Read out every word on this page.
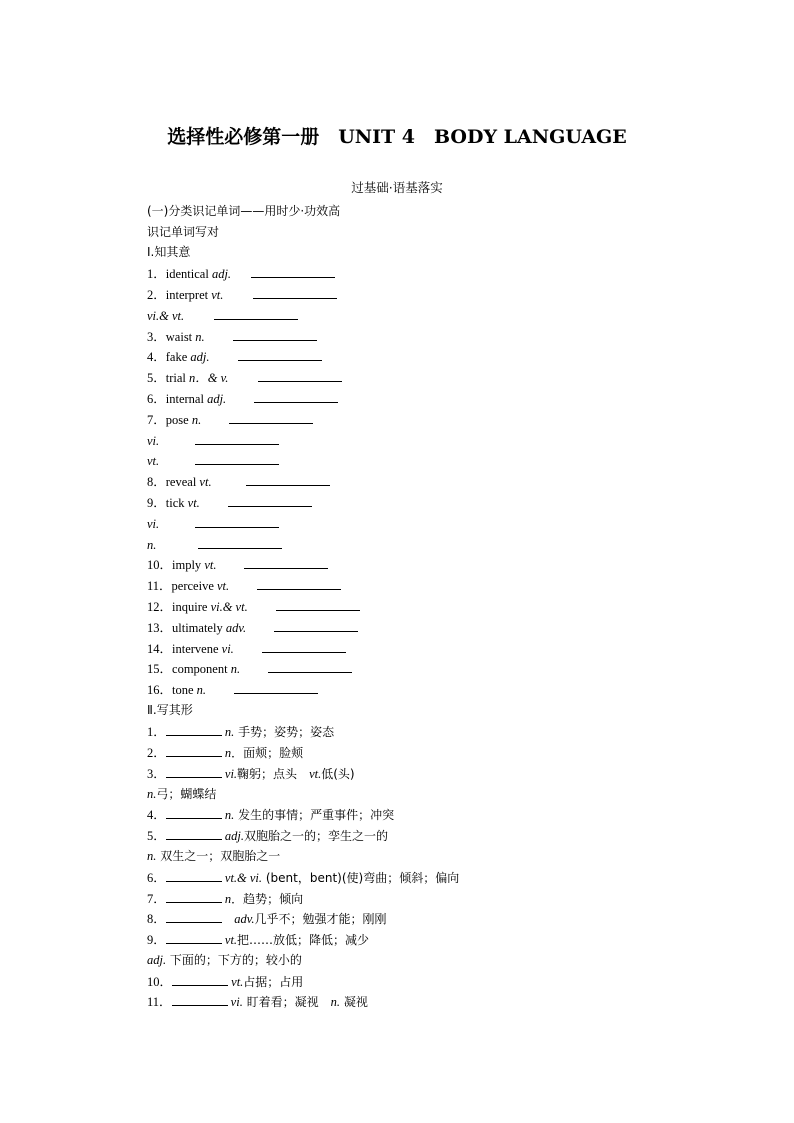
选择性必修第一册　UNIT 4　BODY LANGUAGE
过基础·语基落实
(一)分类识记单词——用时少·功效高
识记单词写对
Ⅰ.知其意
1．identical adj.
2．interpret vt.
vi.& vt.
3．waist n.
4．fake adj.
5．trial n．& v.
6．internal adj.
7．pose n.
vi.
vt.
8．reveal vt.
9．tick vt.
vi.
n.
10．imply vt.
11．perceive vt.
12．inquire vi.& vt.
13．ultimately adv.
14．intervene vi.
15．component n.
16．tone n.
Ⅱ.写其形
1．	n. 手势；姿势；姿态
2．	n．面颊；脸颊
3．	vi.鞠躬；点头　vt.低(头)
n.弓；蝴蝶结
4．	n. 发生的事情；严重事件；冲突
5．	adj.双胞胎之一的；孪生之一的
n. 双生之一；双胞胎之一
6．	vt.& vi. (bent，bent)(使)弯曲；倾斜；偏向
7．	n．趋势；倾向
8．	adv.几乎不；勉强才能；刚刚
9．	vt.把……放低；降低；减少
adj. 下面的；下方的；较小的
10．	vt.占据；占用
11．	vi. 盯着看；凝视　n. 凝视
